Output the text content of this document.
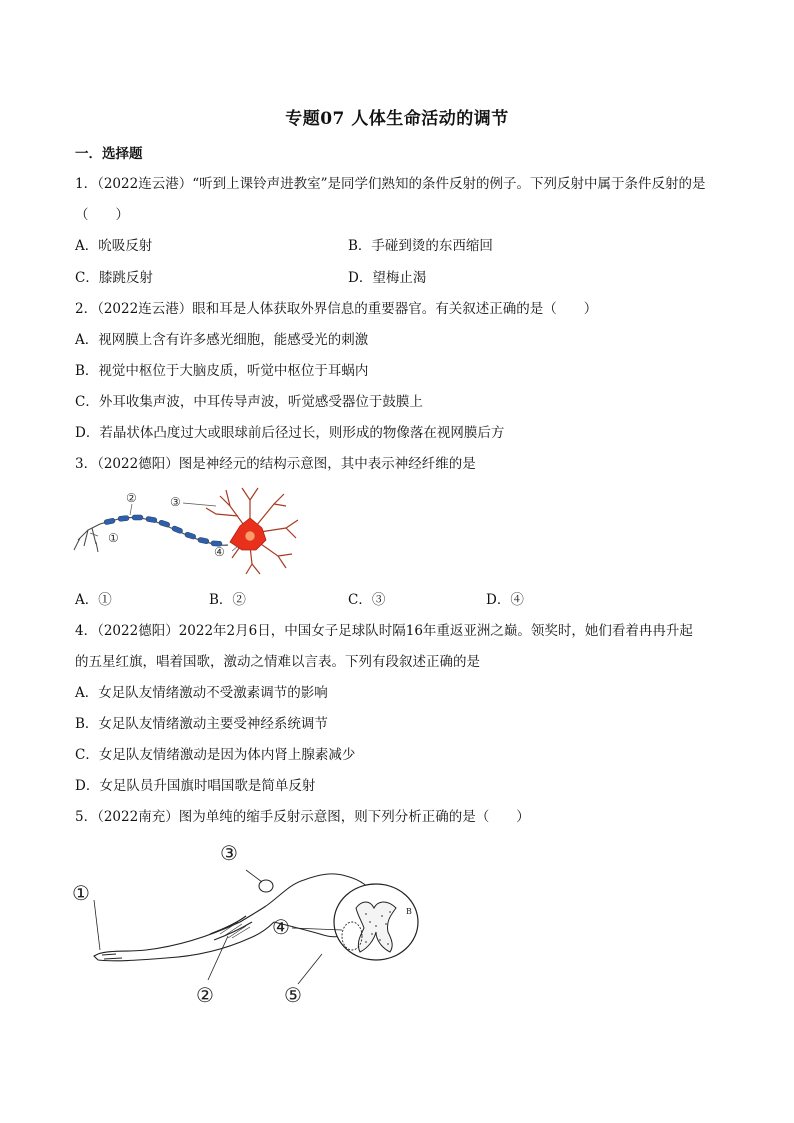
专题07 人体生命活动的调节
一．选择题
1．（2022连云港）“听到上课铃声进教室”是同学们熟知的条件反射的例子。下列反射中属于条件反射的是
（　　）
A．吮吸反射	B．手碰到烫的东西缩回
C．膝跳反射	D．望梅止渴
2．（2022连云港）眼和耳是人体获取外界信息的重要器官。有关叙述正确的是（　　）
A．视网膜上含有许多感光细胞，能感受光的刺激
B．视觉中枢位于大脑皮质，听觉中枢位于耳蜗内
C．外耳收集声波，中耳传导声波，听觉感受器位于鼓膜上
D．若晶状体凸度过大或眼球前后径过长，则形成的物像落在视网膜后方
3．（2022德阳）图是神经元的结构示意图，其中表示神经纤维的是
①
②	③
④
A．①	B．②	C．③	D．④
4．（2022德阳）2022年2月6日，中国女子足球队时隔16年重返亚洲之巅。领奖时，她们看着冉冉升起
的五星红旗，唱着国歌，激动之情难以言表。下列有段叙述正确的是
A．女足队友情绪激动不受激素调节的影响
B．女足队友情绪激动主要受神经系统调节
C．女足队友情绪激动是因为体内肾上腺素减少
D．女足队员升国旗时唱国歌是简单反射
5．（2022南充）图为单纯的缩手反射示意图，则下列分析正确的是（　　）
①
②
③
④
⑤
B
